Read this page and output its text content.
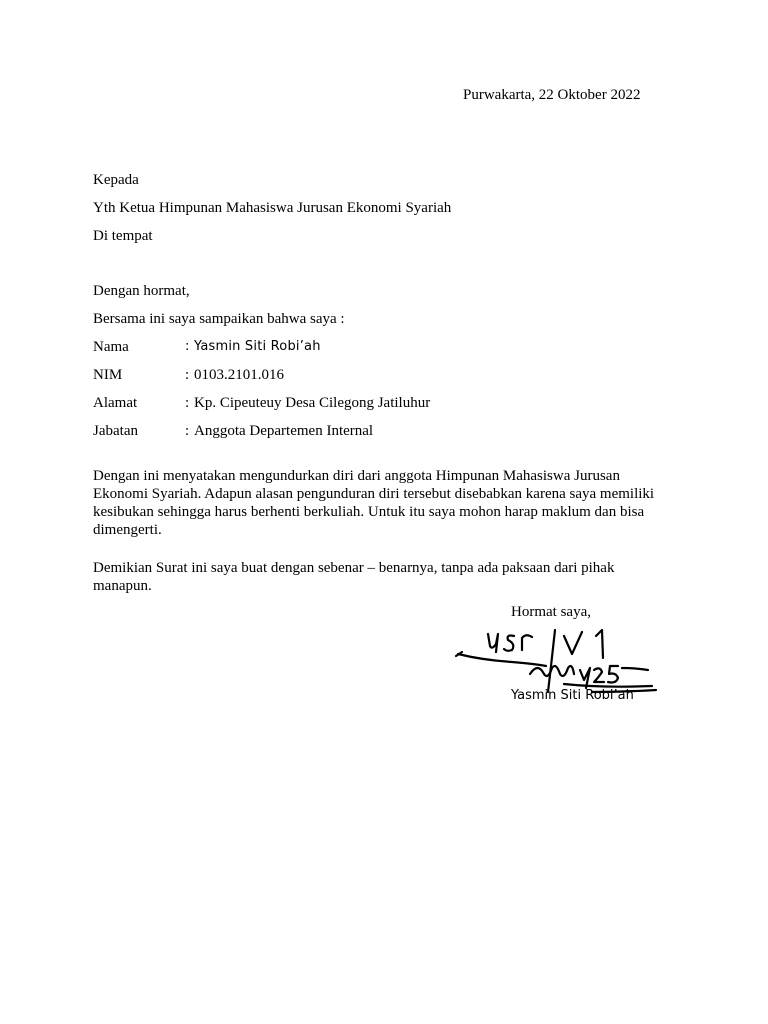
Purwakarta, 22 Oktober 2022
Kepada
Yth Ketua Himpunan Mahasiswa Jurusan Ekonomi Syariah
Di tempat
Dengan hormat,
Bersama ini saya sampaikan bahwa saya :
Nama	: Yasmin Siti Robi’ah
NIM	: 0103.2101.016
Alamat	: Kp. Cipeuteuy Desa Cilegong Jatiluhur
Jabatan	: Anggota Departemen Internal
Dengan ini menyatakan mengundurkan diri dari anggota Himpunan Mahasiswa Jurusan Ekonomi Syariah. Adapun alasan pengunduran diri tersebut disebabkan karena saya memiliki kesibukan sehingga harus berhenti berkuliah. Untuk itu saya mohon harap maklum dan bisa dimengerti.
Demikian Surat ini saya buat dengan sebenar – benarnya, tanpa ada paksaan dari pihak manapun.
Hormat saya,
Yasmin Siti Robi’ah
